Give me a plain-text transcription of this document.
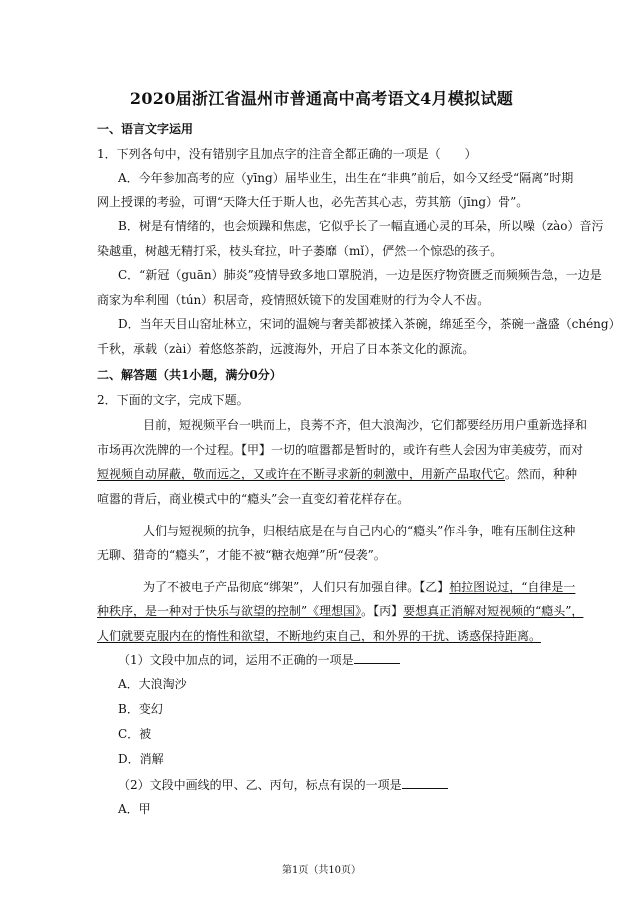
2020届浙江省温州市普通高中高考语文4月模拟试题
一、语言文字运用
1．下列各句中，没有错别字且加点字的注音全都正确的一项是（　　）
A．今年参加高考的应（yīng）届毕业生，出生在“非典”前后，如今又经受“隔离”时期
网上授课的考验，可谓“天降大任于斯人也，必先苦其心志，劳其筋（jīng）骨”。
B．树是有情绪的，也会烦躁和焦虑，它似乎长了一幅直通心灵的耳朵，所以噪（zào）音污
染越重，树越无精打采，枝头耷拉，叶子萎靡（mǐ），俨然一个惊恐的孩子。
C．“新冠（guān）肺炎”疫情导致多地口罩脱消，一边是医疗物资匮乏而频频告急，一边是
商家为牟利囤（tún）积居奇，疫情照妖镜下的发国难财的行为令人不齿。
D．当年天目山窑址林立，宋词的温婉与奢美都被揉入茶碗，绵延至今，茶碗一盏盛（chéng）
千秋，承载（zài）着悠悠茶韵，远渡海外，开启了日本茶文化的源流。
二、解答题（共1小题，满分0分）
2．下面的文字，完成下题。
目前，短视频平台一哄而上，良莠不齐，但大浪淘沙，它们都要经历用户重新选择和
市场再次洗牌的一个过程。【甲】一切的喧嚣都是暂时的，或许有些人会因为审美疲劳，而对
短视频自动屏蔽，敬而远之，又或许在不断寻求新的刺激中，用新产品取代它。然而，种种
喧嚣的背后，商业模式中的“瘾头”会一直变幻着花样存在。
人们与短视频的抗争，归根结底是在与自己内心的“瘾头”作斗争，唯有压制住这种
无聊、猎奇的“瘾头”，才能不被“糖衣炮弹”所“侵袭”。
为了不被电子产品彻底“绑架”，人们只有加强自律。【乙】柏拉图说过，“自律是一
种秩序，是一种对于快乐与欲望的控制”《理想国》。【丙】要想真正消解对短视频的“瘾头”，
人们就要克服内在的惰性和欲望，不断地约束自己，和外界的干扰、诱惑保持距离。
（1）文段中加点的词，运用不正确的一项是
A．大浪淘沙
B．变幻
C．被
D．消解
（2）文段中画线的甲、乙、丙句，标点有误的一项是
A．甲
第1页（共10页）
